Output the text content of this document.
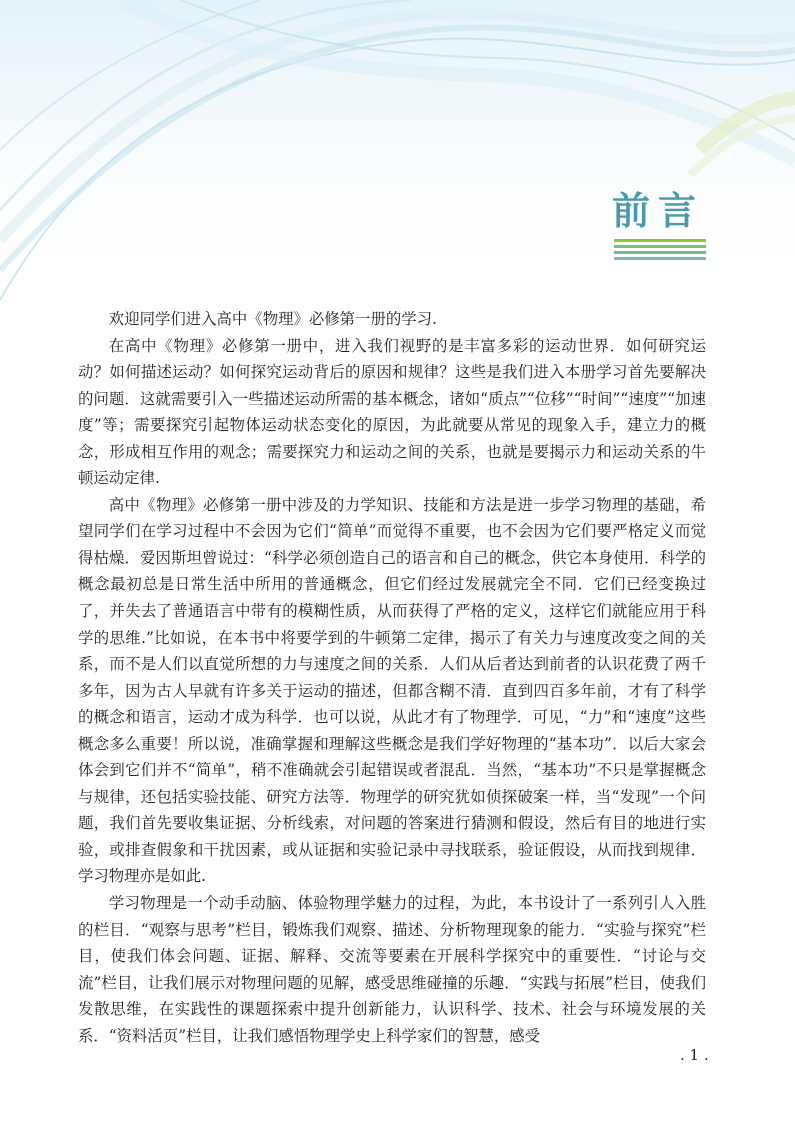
前言

欢迎同学们进入高中《物理》必修第一册的学习.

在高中《物理》必修第一册中，进入我们视野的是丰富多彩的运动世界．如何研究运动？如何描述运动？如何探究运动背后的原因和规律？这些是我们进入本册学习首先要解决的问题．这就需要引入一些描述运动所需的基本概念，诸如“质点”“位移”“时间”“速度”“加速度”等；需要探究引起物体运动状态变化的原因，为此就要从常见的现象入手，建立力的概念，形成相互作用的观念；需要探究力和运动之间的关系，也就是要揭示力和运动关系的牛顿运动定律.

高中《物理》必修第一册中涉及的力学知识、技能和方法是进一步学习物理的基础，希望同学们在学习过程中不会因为它们“简单”而觉得不重要，也不会因为它们要严格定义而觉得枯燥．爱因斯坦曾说过：“科学必须创造自己的语言和自己的概念，供它本身使用．科学的概念最初总是日常生活中所用的普通概念，但它们经过发展就完全不同．它们已经变换过了，并失去了普通语言中带有的模糊性质，从而获得了严格的定义，这样它们就能应用于科学的思维.”比如说，在本书中将要学到的牛顿第二定律，揭示了有关力与速度改变之间的关系，而不是人们以直觉所想的力与速度之间的关系．人们从后者达到前者的认识花费了两千多年，因为古人早就有许多关于运动的描述，但都含糊不清．直到四百多年前，才有了科学的概念和语言，运动才成为科学．也可以说，从此才有了物理学．可见，“力”和“速度”这些概念多么重要！所以说，准确掌握和理解这些概念是我们学好物理的“基本功”．以后大家会体会到它们并不“简单”，稍不准确就会引起错误或者混乱．当然，“基本功”不只是掌握概念与规律，还包括实验技能、研究方法等．物理学的研究犹如侦探破案一样，当“发现”一个问题，我们首先要收集证据、分析线索，对问题的答案进行猜测和假设，然后有目的地进行实验，或排查假象和干扰因素，或从证据和实验记录中寻找联系，验证假设，从而找到规律．学习物理亦是如此.

学习物理是一个动手动脑、体验物理学魅力的过程，为此，本书设计了一系列引人入胜的栏目．“观察与思考”栏目，锻炼我们观察、描述、分析物理现象的能力．“实验与探究”栏目，使我们体会问题、证据、解释、交流等要素在开展科学探究中的重要性．“讨论与交流”栏目，让我们展示对物理问题的见解，感受思维碰撞的乐趣．“实践与拓展”栏目，使我们发散思维，在实践性的课题探索中提升创新能力，认识科学、技术、社会与环境发展的关系．“资料活页”栏目，让我们感悟物理学史上科学家们的智慧，感受

. 1 .
